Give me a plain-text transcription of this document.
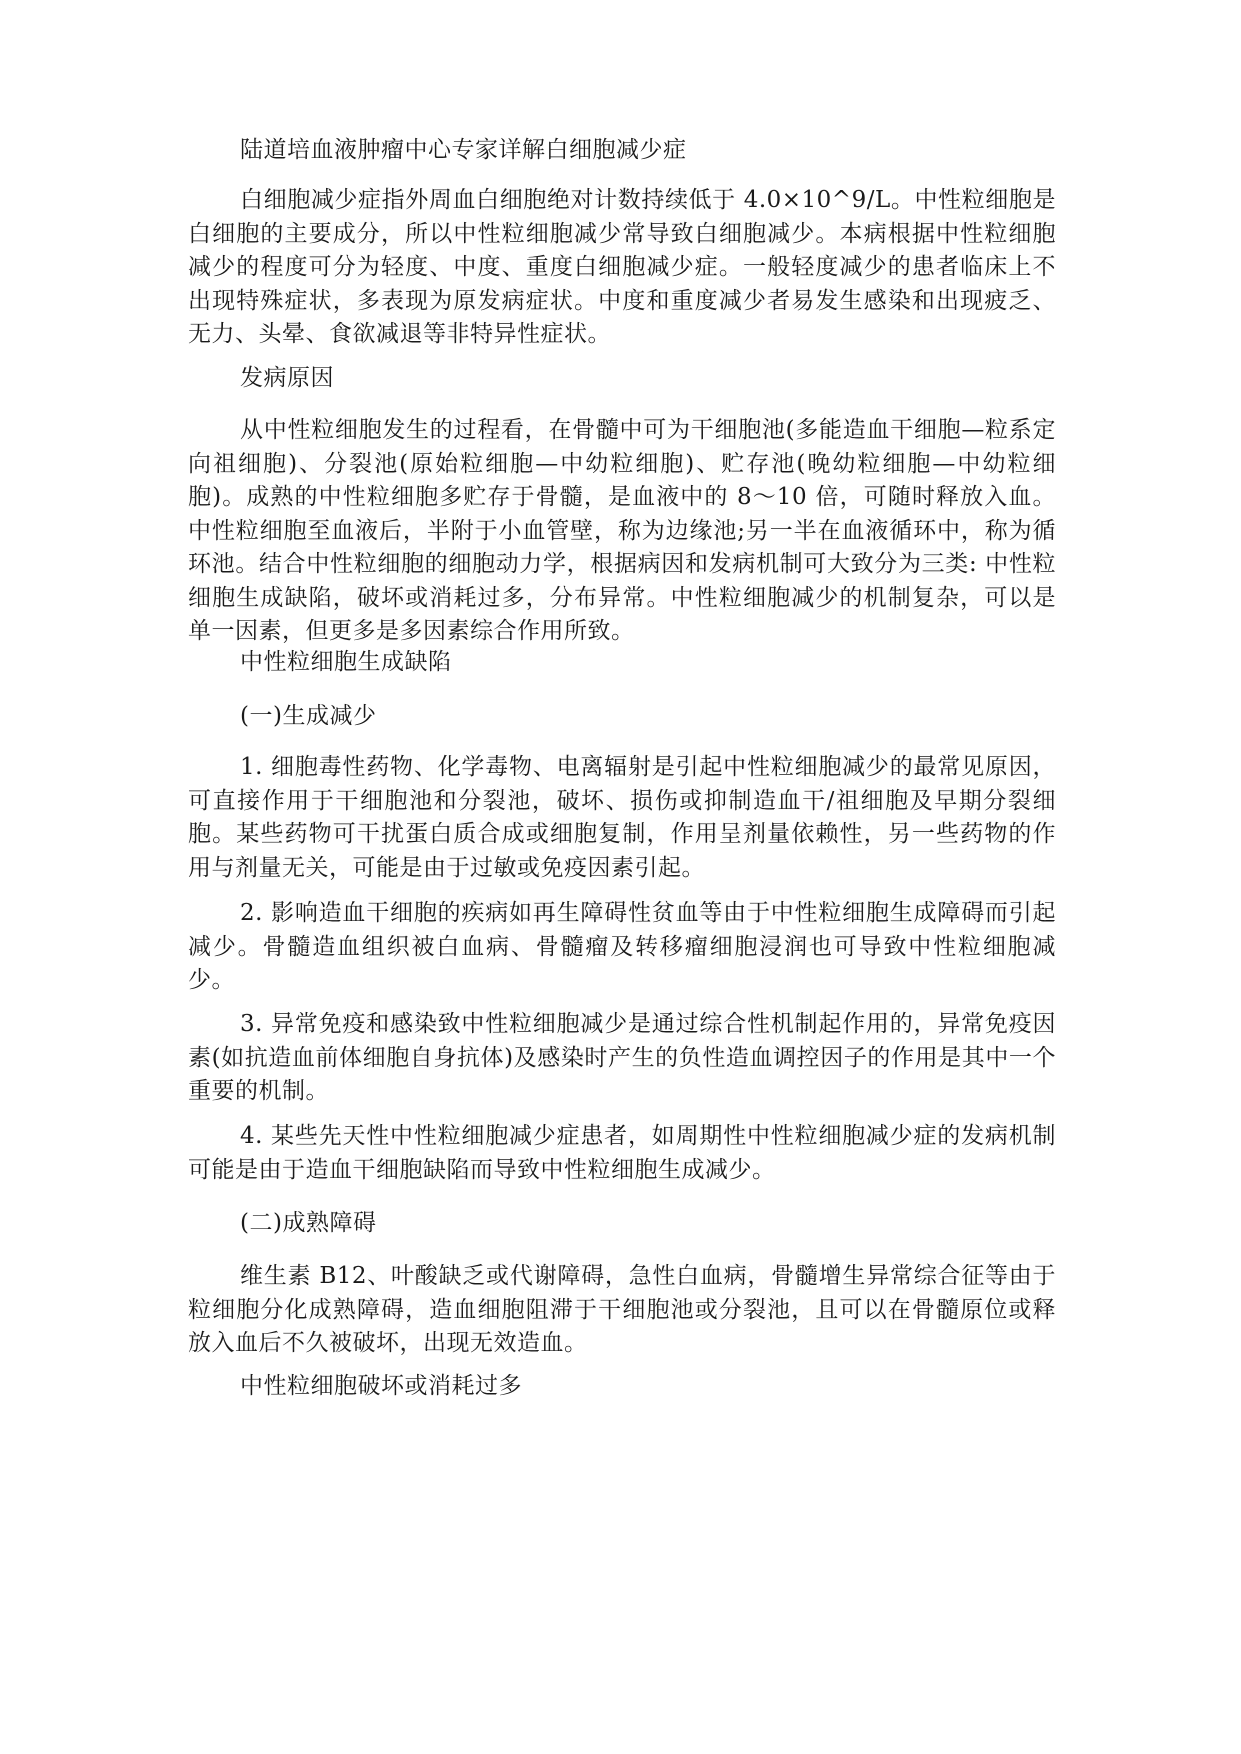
陆道培血液肿瘤中心专家详解白细胞减少症

白细胞减少症指外周血白细胞绝对计数持续低于 4.0×10^9/L。中性粒细胞是白细胞的主要成分，所以中性粒细胞减少常导致白细胞减少。本病根据中性粒细胞减少的程度可分为轻度、中度、重度白细胞减少症。一般轻度减少的患者临床上不出现特殊症状，多表现为原发病症状。中度和重度减少者易发生感染和出现疲乏、无力、头晕、食欲减退等非特异性症状。

发病原因

从中性粒细胞发生的过程看，在骨髓中可为干细胞池(多能造血干细胞—粒系定向祖细胞)、分裂池(原始粒细胞—中幼粒细胞)、贮存池(晚幼粒细胞—中幼粒细胞)。成熟的中性粒细胞多贮存于骨髓，是血液中的 8～10 倍，可随时释放入血。中性粒细胞至血液后，半附于小血管壁，称为边缘池;另一半在血液循环中，称为循环池。结合中性粒细胞的细胞动力学，根据病因和发病机制可大致分为三类: 中性粒细胞生成缺陷，破坏或消耗过多，分布异常。中性粒细胞减少的机制复杂，可以是单一因素，但更多是多因素综合作用所致。

中性粒细胞生成缺陷

(一)生成减少

1. 细胞毒性药物、化学毒物、电离辐射是引起中性粒细胞减少的最常见原因，可直接作用于干细胞池和分裂池，破坏、损伤或抑制造血干/祖细胞及早期分裂细胞。某些药物可干扰蛋白质合成或细胞复制，作用呈剂量依赖性，另一些药物的作用与剂量无关，可能是由于过敏或免疫因素引起。

2. 影响造血干细胞的疾病如再生障碍性贫血等由于中性粒细胞生成障碍而引起减少。骨髓造血组织被白血病、骨髓瘤及转移瘤细胞浸润也可导致中性粒细胞减少。

3. 异常免疫和感染致中性粒细胞减少是通过综合性机制起作用的，异常免疫因素(如抗造血前体细胞自身抗体)及感染时产生的负性造血调控因子的作用是其中一个重要的机制。

4. 某些先天性中性粒细胞减少症患者，如周期性中性粒细胞减少症的发病机制可能是由于造血干细胞缺陷而导致中性粒细胞生成减少。

(二)成熟障碍

维生素 B12、叶酸缺乏或代谢障碍，急性白血病，骨髓增生异常综合征等由于粒细胞分化成熟障碍，造血细胞阻滞于干细胞池或分裂池，且可以在骨髓原位或释放入血后不久被破坏，出现无效造血。

中性粒细胞破坏或消耗过多
